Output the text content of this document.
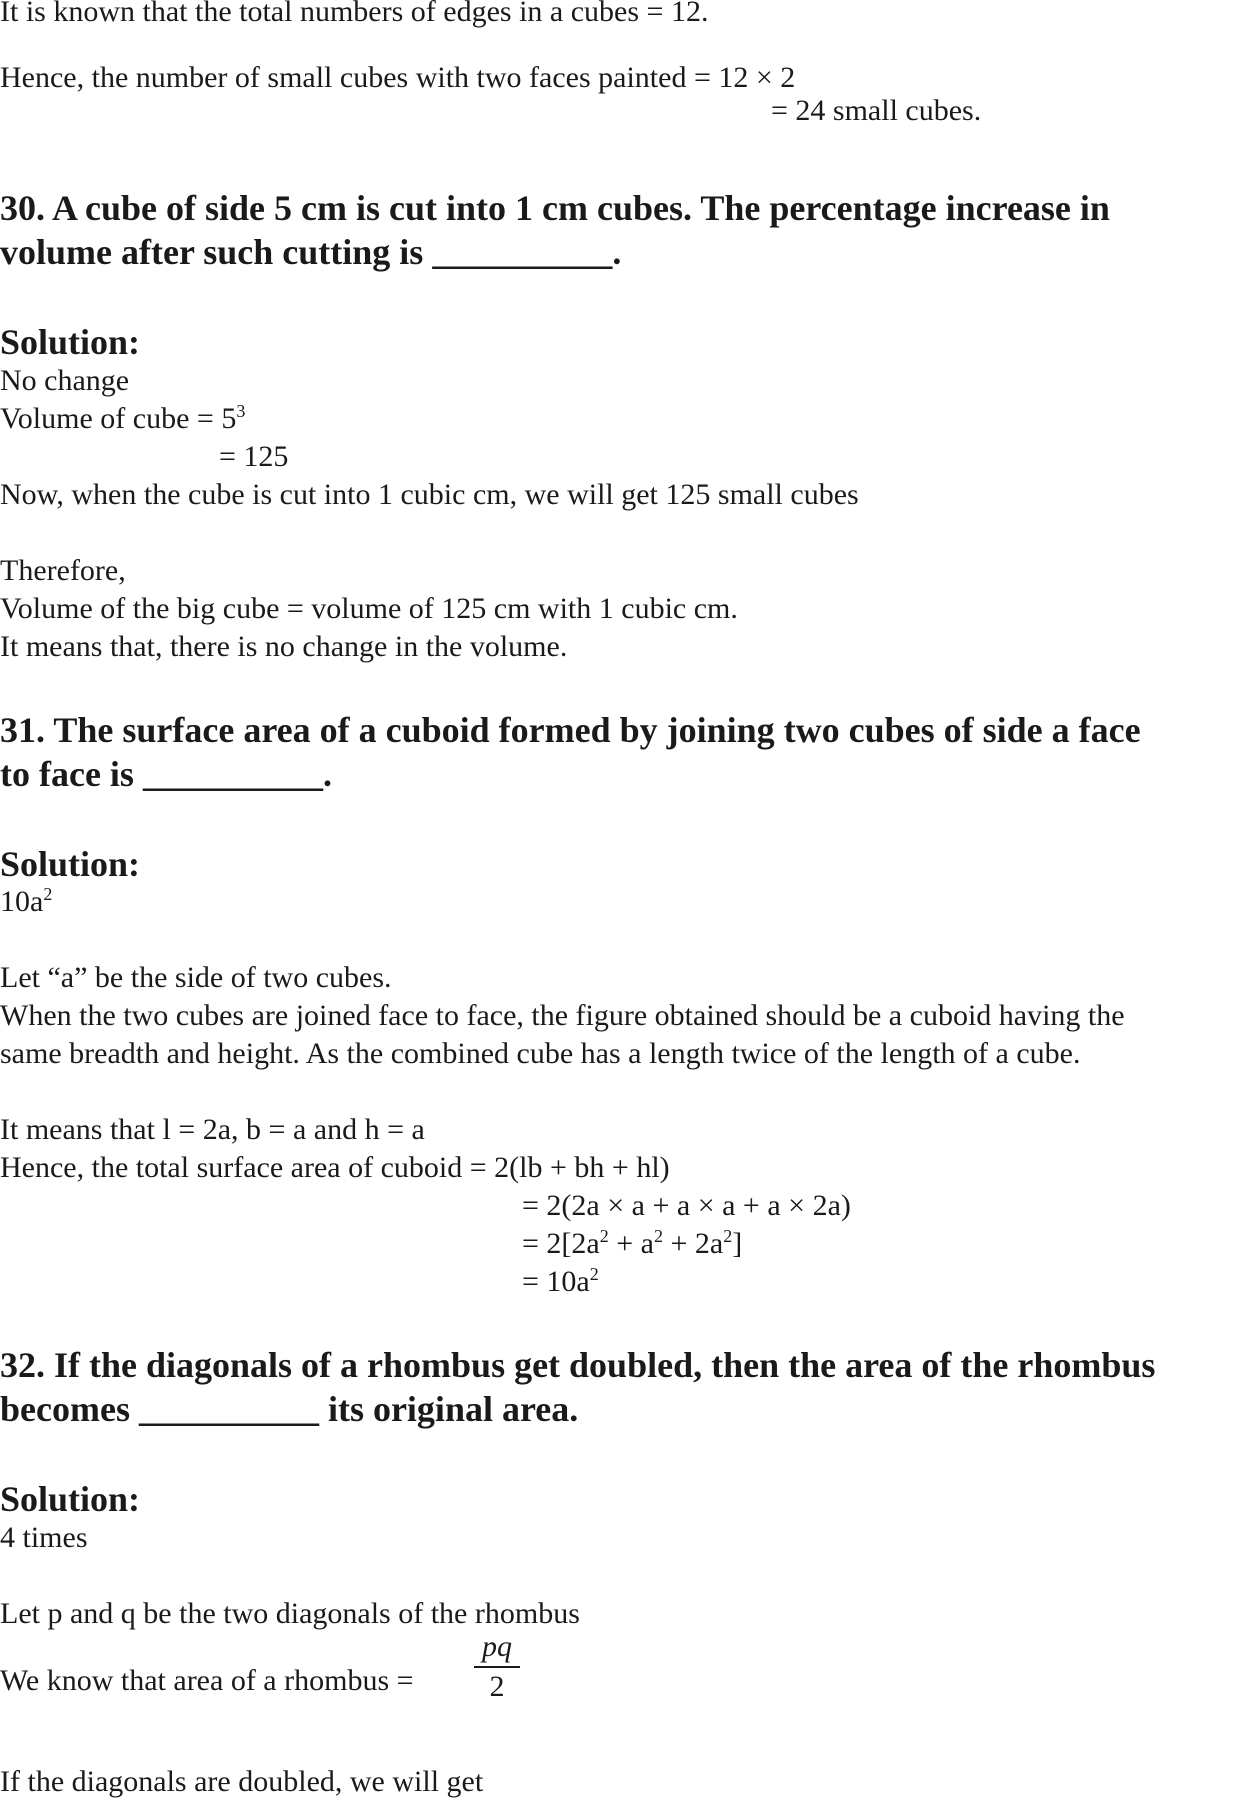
It is known that the total numbers of edges in a cubes = 12.
Hence, the number of small cubes with two faces painted = 12 × 2
= 24 small cubes.
30. A cube of side 5 cm is cut into 1 cm cubes. The percentage increase in
volume after such cutting is __________.
Solution:
No change
Volume of cube = $5^3$
= 125
Now, when the cube is cut into 1 cubic cm, we will get 125 small cubes
Therefore,
Volume of the big cube = volume of 125 cm with 1 cubic cm.
It means that, there is no change in the volume.
31. The surface area of a cuboid formed by joining two cubes of side a face
to face is __________.
Solution:
$10a^2$
Let “a” be the side of two cubes.
When the two cubes are joined face to face, the figure obtained should be a cuboid having the
same breadth and height. As the combined cube has a length twice of the length of a cube.
It means that l = 2a, b = a and h = a
Hence, the total surface area of cuboid = 2(lb + bh + hl)
= 2(2a × a + a × a + a × 2a)
= $2[2a^2 + a^2 + 2a^2]$
= $10a^2$
32. If the diagonals of a rhombus get doubled, then the area of the rhombus
becomes __________ its original area.
Solution:
4 times
Let p and q be the two diagonals of the rhombus
We know that area of a rhombus =
pq
2
If the diagonals are doubled, we will get
